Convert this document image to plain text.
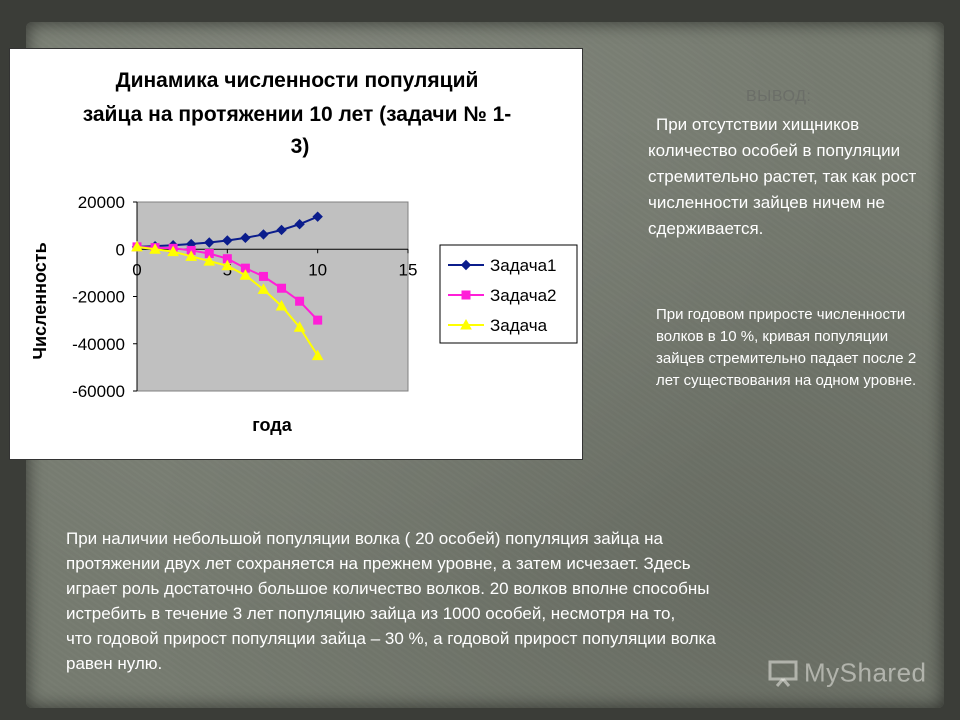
Динамика численности популяций
зайца на протяжении 10 лет (задачи № 1-
3)
20000
0
-20000
-40000
-60000
0	10	15
года
Численность	Задача1
Задача2
Задача
ВЫВОД:
При отсутствии хищников количество особей в популяции стремительно растет, так как рост численности зайцев ничем не сдерживается.
При годовом приросте численности волков в 10 %, кривая популяции зайцев стремительно падает после 2 лет существования на одном уровне.
При наличии небольшой популяции волка ( 20 особей) популяция зайца на
протяжении двух лет сохраняется на прежнем уровне, а затем исчезает. Здесь
играет роль достаточно большое количество волков. 20 волков вполне способны
истребить в течение 3 лет популяцию зайца из 1000 особей, несмотря на то,
что годовой прирост популяции зайца – 30 %, а годовой прирост популяции волка
равен нулю.	MyShared
